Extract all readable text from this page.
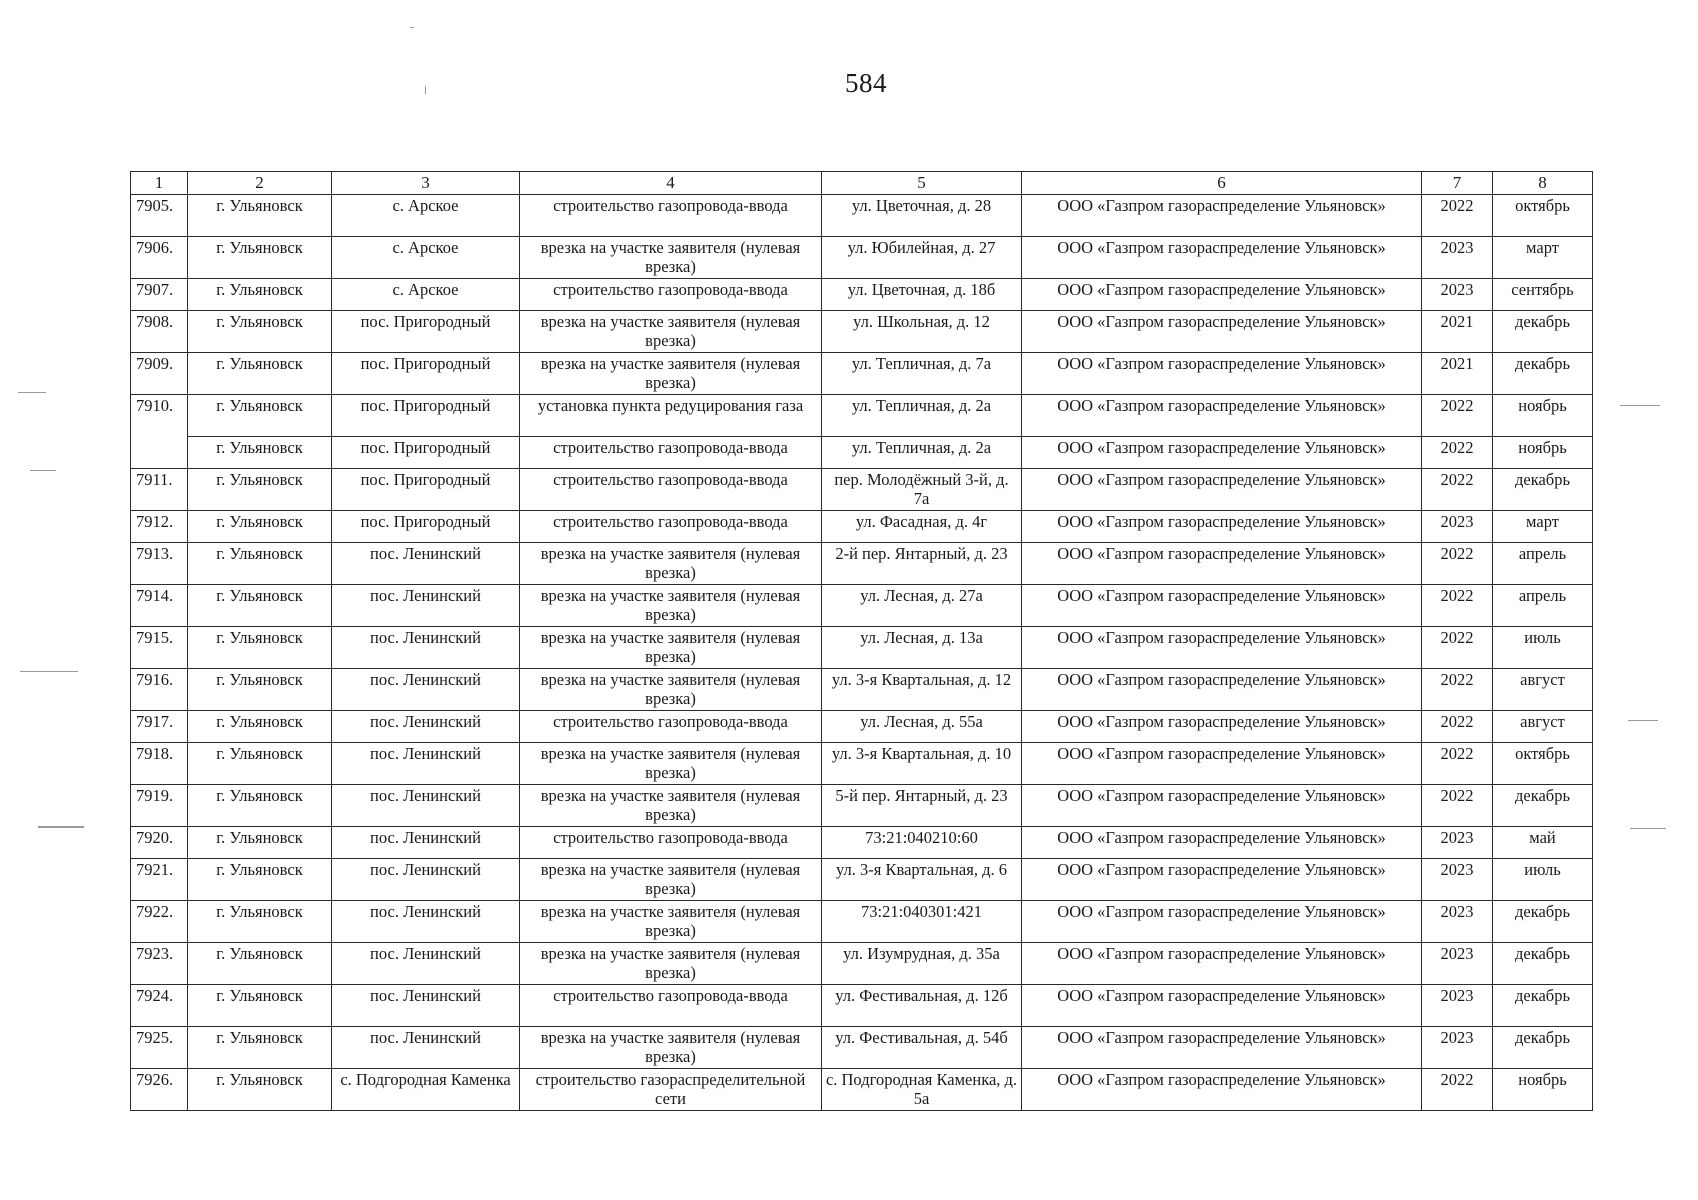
584
1	2	3	4	5	6	7	8
7905.	г. Ульяновск	с. Арское	строительство газопровода-ввода	ул. Цветочная, д. 28	ООО «Газпром газораспределение Ульяновск»	2022	октябрь
7906.	г. Ульяновск	с. Арское	врезка на участке заявителя (нулевая врезка)	ул. Юбилейная, д. 27	ООО «Газпром газораспределение Ульяновск»	2023	март
7907.	г. Ульяновск	с. Арское	строительство газопровода-ввода	ул. Цветочная, д. 18б	ООО «Газпром газораспределение Ульяновск»	2023	сентябрь
7908.	г. Ульяновск	пос. Пригородный	врезка на участке заявителя (нулевая врезка)	ул. Школьная, д. 12	ООО «Газпром газораспределение Ульяновск»	2021	декабрь
7909.	г. Ульяновск	пос. Пригородный	врезка на участке заявителя (нулевая врезка)	ул. Тепличная, д. 7а	ООО «Газпром газораспределение Ульяновск»	2021	декабрь
7910.	г. Ульяновск	пос. Пригородный	установка пункта редуцирования газа	ул. Тепличная, д. 2а	ООО «Газпром газораспределение Ульяновск»	2022	ноябрь
	г. Ульяновск	пос. Пригородный	строительство газопровода-ввода	ул. Тепличная, д. 2а	ООО «Газпром газораспределение Ульяновск»	2022	ноябрь
7911.	г. Ульяновск	пос. Пригородный	строительство газопровода-ввода	пер. Молодёжный 3-й, д. 7а	ООО «Газпром газораспределение Ульяновск»	2022	декабрь
7912.	г. Ульяновск	пос. Пригородный	строительство газопровода-ввода	ул. Фасадная, д. 4г	ООО «Газпром газораспределение Ульяновск»	2023	март
7913.	г. Ульяновск	пос. Ленинский	врезка на участке заявителя (нулевая врезка)	2-й пер. Янтарный, д. 23	ООО «Газпром газораспределение Ульяновск»	2022	апрель
7914.	г. Ульяновск	пос. Ленинский	врезка на участке заявителя (нулевая врезка)	ул. Лесная, д. 27а	ООО «Газпром газораспределение Ульяновск»	2022	апрель
7915.	г. Ульяновск	пос. Ленинский	врезка на участке заявителя (нулевая врезка)	ул. Лесная, д. 13а	ООО «Газпром газораспределение Ульяновск»	2022	июль
7916.	г. Ульяновск	пос. Ленинский	врезка на участке заявителя (нулевая врезка)	ул. 3-я Квартальная, д. 12	ООО «Газпром газораспределение Ульяновск»	2022	август
7917.	г. Ульяновск	пос. Ленинский	строительство газопровода-ввода	ул. Лесная, д. 55а	ООО «Газпром газораспределение Ульяновск»	2022	август
7918.	г. Ульяновск	пос. Ленинский	врезка на участке заявителя (нулевая врезка)	ул. 3-я Квартальная, д. 10	ООО «Газпром газораспределение Ульяновск»	2022	октябрь
7919.	г. Ульяновск	пос. Ленинский	врезка на участке заявителя (нулевая врезка)	5-й пер. Янтарный, д. 23	ООО «Газпром газораспределение Ульяновск»	2022	декабрь
7920.	г. Ульяновск	пос. Ленинский	строительство газопровода-ввода	73:21:040210:60	ООО «Газпром газораспределение Ульяновск»	2023	май
7921.	г. Ульяновск	пос. Ленинский	врезка на участке заявителя (нулевая врезка)	ул. 3-я Квартальная, д. 6	ООО «Газпром газораспределение Ульяновск»	2023	июль
7922.	г. Ульяновск	пос. Ленинский	врезка на участке заявителя (нулевая врезка)	73:21:040301:421	ООО «Газпром газораспределение Ульяновск»	2023	декабрь
7923.	г. Ульяновск	пос. Ленинский	врезка на участке заявителя (нулевая врезка)	ул. Изумрудная, д. 35а	ООО «Газпром газораспределение Ульяновск»	2023	декабрь
7924.	г. Ульяновск	пос. Ленинский	строительство газопровода-ввода	ул. Фестивальная, д. 12б	ООО «Газпром газораспределение Ульяновск»	2023	декабрь
7925.	г. Ульяновск	пос. Ленинский	врезка на участке заявителя (нулевая врезка)	ул. Фестивальная, д. 54б	ООО «Газпром газораспределение Ульяновск»	2023	декабрь
7926.	г. Ульяновск	с. Подгородная Каменка	строительство газораспределительной сети	с. Подгородная Каменка, д. 5а	ООО «Газпром газораспределение Ульяновск»	2022	ноябрь
